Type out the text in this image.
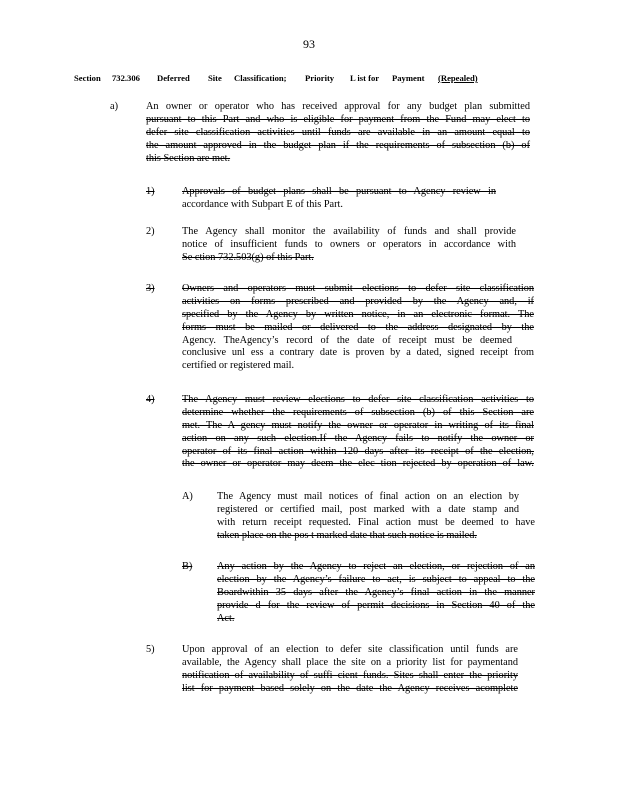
93
Section 732.306 Deferred Site Classification; Priority L ist for Payment (Repealed)
a)	An owner or operator who has received approval for any budget plan submitted
pursuant to this Part and who is eligible for payment from the Fund may elect to
defer site classification activities until funds are available in an amount equal to
the amount approved in the budget plan if the requirements of subsection (b) of
this Section are met.
1)	Approvals of budget plans shall be pursuant to Agency review in
accordance with Subpart E of this Part.
2)	The Agency shall monitor the availability of funds and shall provide
notice of insufficient funds to owners or operators in accordance with
Se ction 732.503(g) of this Part.
3)	Owners and operators must submit elections to defer site classification
activities on forms prescribed and provided by the Agency and, if
specified by the Agency by written notice, in an electronic format. The
forms must be mailed or delivered to the address designated by the
Agency. TheAgency’s record of the date of receipt must be deemed
conclusive unl ess a contrary date is proven by a dated, signed receipt from
certified or registered mail.
4)	The Agency must review elections to defer site classification activities to
determine whether the requirements of subsection (b) of this Section are
met. The A gency must notify the owner or operator in writing of its final
action on any such election.If the Agency fails to notify the owner or
operator of its final action within 120 days after its receipt of the election,
the owner or operator may deem the elec tion rejected by operation of law.
A) The Agency must mail notices of final action on an election by
registered or certified mail, post marked with a date stamp and
with return receipt requested. Final action must be deemed to have
taken place on the pos t marked date that such notice is mailed.
B) Any action by the Agency to reject an election, or rejection of an
election by the Agency’s failure to act, is subject to appeal to the
Boardwithin 35 days after the Agency’s final action in the manner
provide d for the review of permit decisions in Section 40 of the
Act.
5)	Upon approval of an election to defer site classification until funds are
available, the Agency shall place the site on a priority list for paymentand
notification of availability of suffi cient funds. Sites shall enter the priority
list for payment based solely on the date the Agency receives acomplete
